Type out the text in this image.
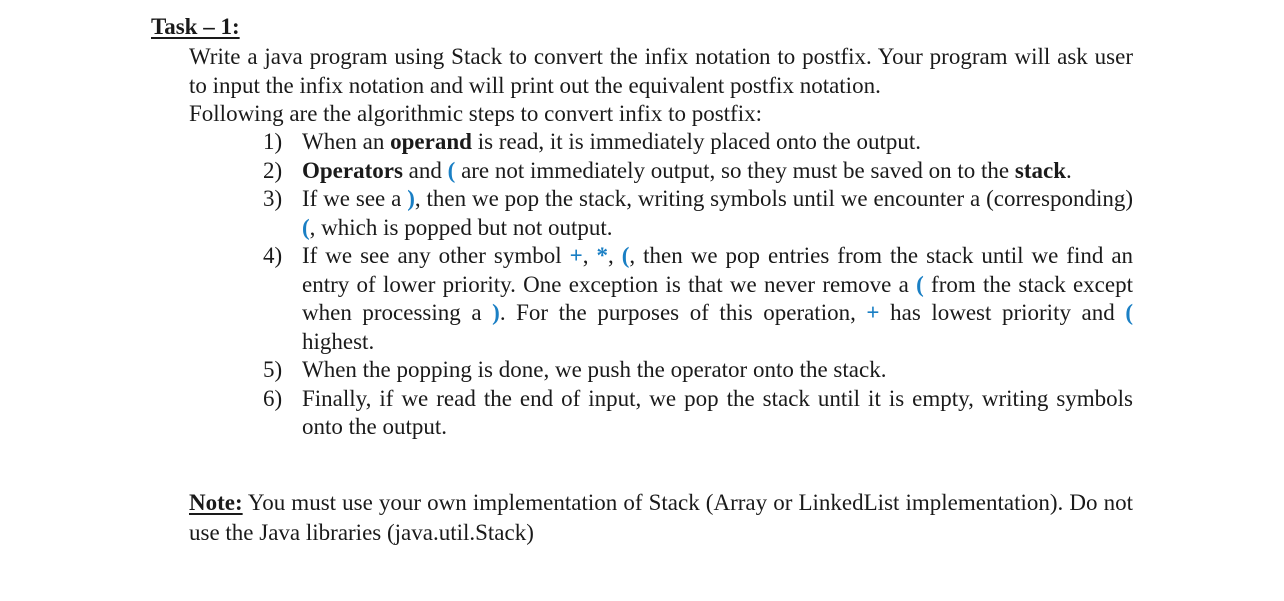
Task – 1:

Write a java program using Stack to convert the infix notation to postfix. Your program will ask user to input the infix notation and will print out the equivalent postfix notation.

Following are the algorithmic steps to convert infix to postfix:

1) When an operand is read, it is immediately placed onto the output.
2) Operators and ( are not immediately output, so they must be saved on to the stack.
3) If we see a ), then we pop the stack, writing symbols until we encounter a (corresponding) (, which is popped but not output.
4) If we see any other symbol +, *, (, then we pop entries from the stack until we find an entry of lower priority. One exception is that we never remove a ( from the stack except when processing a ). For the purposes of this operation, + has lowest priority and ( highest.
5) When the popping is done, we push the operator onto the stack.
6) Finally, if we read the end of input, we pop the stack until it is empty, writing symbols onto the output.

Note: You must use your own implementation of Stack (Array or LinkedList implementation). Do not use the Java libraries (java.util.Stack)
